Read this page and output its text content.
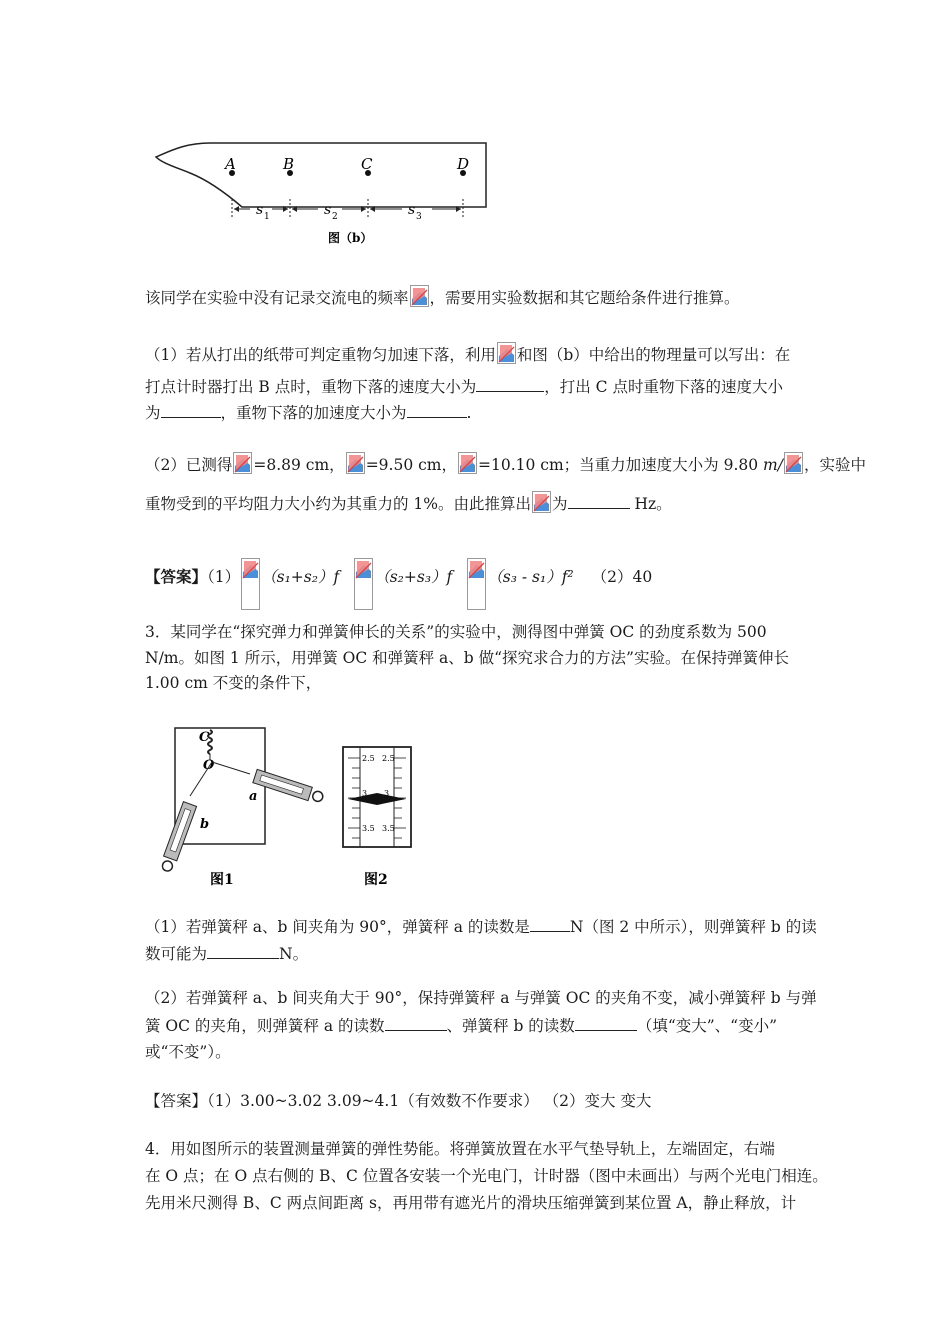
A	B	C	D
s 1	s 2	s 3
图（b）
该同学在实验中没有记录交流电的频率 ，需要用实验数据和其它题给条件进行推算。
（1）若从打出的纸带可判定重物匀加速下落，利用 和图（b）中给出的物理量可以写出：在
打点计时器打出 B 点时，重物下落的速度大小为	，打出 C 点时重物下落的速度大小
为	，重物下落的加速度大小为	.
（2）已测得 =8.89 cm， =9.50 cm， =10.10 cm；当重力加速度大小为 9.80 m/ ，实验中
重物受到的平均阻力大小约为其重力的 1%。由此推算出 为	Hz。
【答案】（1） （s₁+s₂）f （s₂+s₃）f （s₃ - s₁）f² （2）40
3．某同学在“探究弹力和弹簧伸长的关系”的实验中，测得图中弹簧 OC 的劲度系数为 500
N/m。如图 1 所示，用弹簧 OC 和弹簧秤 a、b 做“探究求合力的方法”实验。在保持弹簧伸长
1.00 cm 不变的条件下，
C
O
a
b
图1
2.5
3
3.5
2.5
3
3.5
图2
（1）若弹簧秤 a、b 间夹角为 90°，弹簧秤 a 的读数是	N（图 2 中所示），则弹簧秤 b 的读
数可能为	N。
（2）若弹簧秤 a、b 间夹角大于 90°，保持弹簧秤 a 与弹簧 OC 的夹角不变，减小弹簧秤 b 与弹
簧 OC 的夹角，则弹簧秤 a 的读数	、弹簧秤 b 的读数	（填“变大”、“变小”
或“不变”）。
【答案】（1）3.00~3.02 3.09~4.1（有效数不作要求） （2）变大 变大
4．用如图所示的装置测量弹簧的弹性势能。将弹簧放置在水平气垫导轨上，左端固定，右端
在 O 点；在 O 点右侧的 B、C 位置各安装一个光电门，计时器（图中未画出）与两个光电门相连。
先用米尺测得 B、C 两点间距离 s，再用带有遮光片的滑块压缩弹簧到某位置 A，静止释放，计
